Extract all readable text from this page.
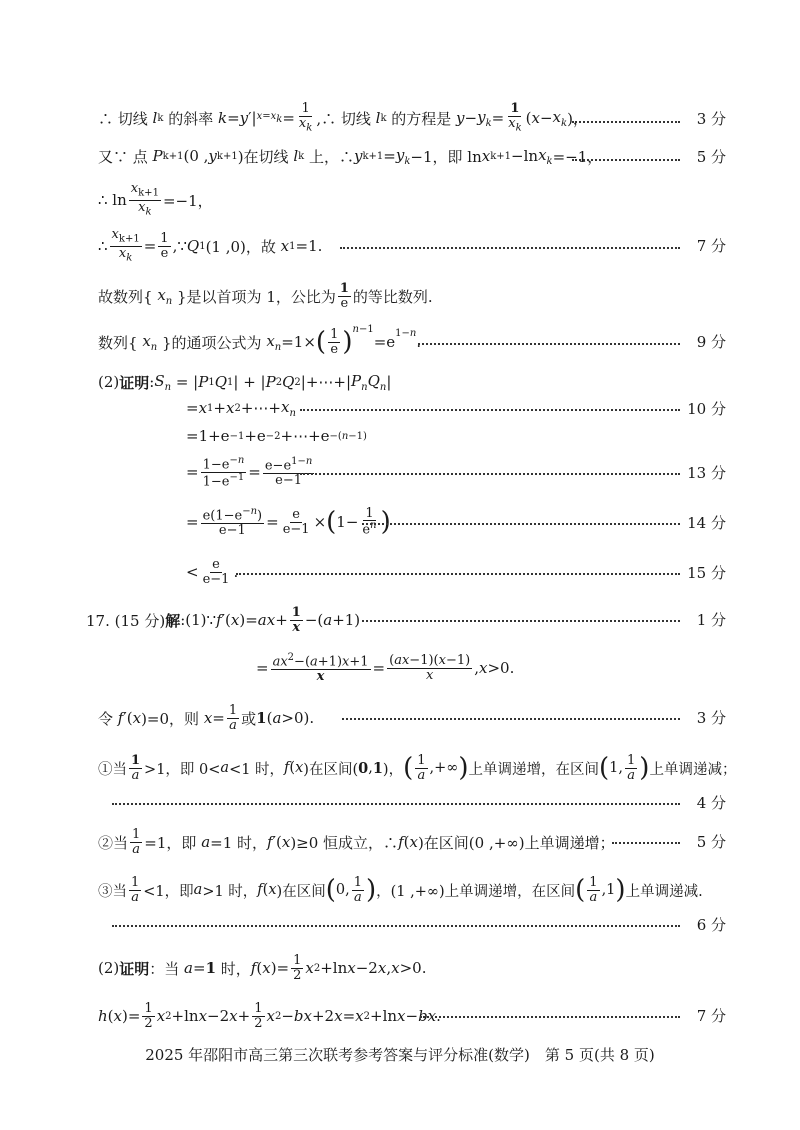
∴ 切线 l k 的斜率 k = y ′| $x=x_k = \frac{1}{x_k}$ ,∴ 切线 l k 的方程是 $y - y_k = \frac{1}{x_k}$ ( $x - x_k$ )，	3 分
又∵ 点 P k+1 (0 , y k+1 )在切线 l k 上，∴ y $k+1 = y_k -1$，即 ln x k+1 −ln $x_k =-1$，	5 分
∴ $\ln \frac{x_{k+1}}{x_k} =-1$，
∴ $\frac{x_{k+1}}{x_k} = \frac{1}{e}$ ,∵ Q 1 (1 ,0)，故 x 1 =1.	7 分
故数列{ $x_n$ }是以首项为 1，公比为 $\frac{1}{e}$ 的等比数列.
数列{ $x_n$ }的通项公式为 $x_n =1\times$ ( $\frac{1}{e}$ ) $^{n-1}$
$=e_{1-n}$ .	9 分
(2) 证明 : $S_n$ = | P 1 Q 1 | + | P 2 Q 2 |+⋯+| $P_nQ_n$ |
= x 1 + x 2 +⋯+ $x_n$	10 分
=1+e −1 +e −2 +⋯+e −(n−1)
= $\frac{1-e^{-n}}{1-e^{-1}} = \frac{e-e^{1-n}}{e-1}$	13 分
= $\frac{e(1-e^{-n})}{e-1} = \frac{e}{e-1}$ × ( $1- \frac{1}{e^n}$ )	14 分
< $\frac{e}{e-1}$ .	15 分
17. (15 分) 解 :(1)∵ f ′( x )= ax + $\frac{1}{x}$ −( a +1)	1 分
= $\frac{ax^2-(a+1)x+1}{x} = \frac{(ax-1)(x-1)}{x}$ , x >0.
令 f ′( x )=0，则 $x = \frac{1}{a}$ 或 1 ( a >0).	3 分
①当 $\frac{1}{a} >1$，即 0< a <1 时， f ( x )在区间( 0 , 1 )， ( $\frac{1}{a}$ ,+∞ ) 上单调递增，在区间 ( 1, $\frac{1}{a}$ ) 上单调递减；
4 分
②当 $\frac{1}{a} =1$，即 a =1 时， f ′( x )≥0 恒成立，∴ f ( x )在区间(0 ,+∞)上单调递增；	5 分
③当 $\frac{1}{a} <1$，即 a >1 时， f ( x )在区间 ( 0, $\frac{1}{a}$ ) ，(1 ,+∞)上单调递增，在区间 ( $\frac{1}{a} ,1$ ) 上单调递减.
6 分
(2) 证明 ：当 a = 1 时， f ( x )= $\frac{1}{2}$ x 2 +ln x −2 x , x >0.
h ( x )= $\frac{1}{2}$ x 2 +ln x −2 $x + \frac{1}{2}$ x 2 − bx +2 x = x 2 +ln x − bx .	7 分
2025 年邵阳市高三第三次联考参考答案与评分标准(数学)　第 5 页(共 8 页)
